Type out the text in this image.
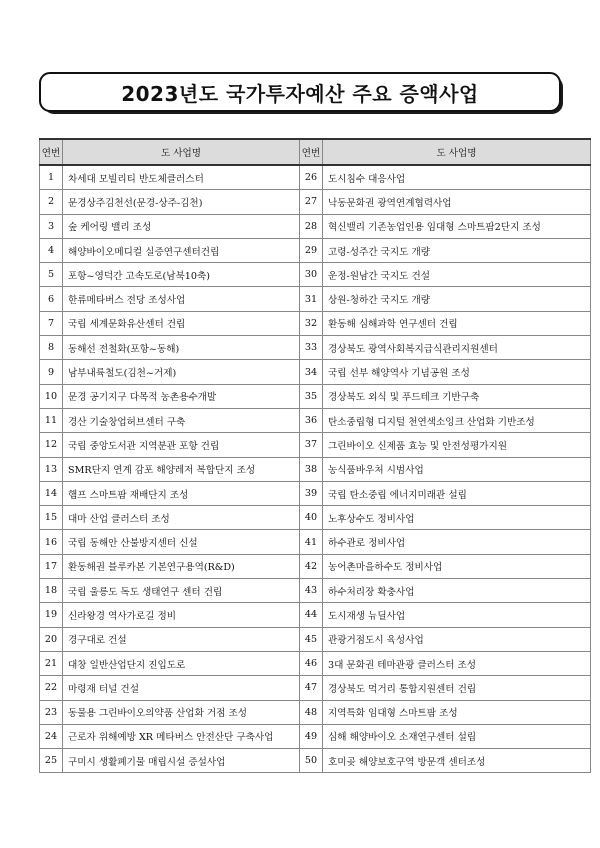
2023년도 국가투자예산 주요 증액사업
연번	도 사업명	연번	도 사업명
1	차세대 모빌리티 반도체클러스터	26	도시침수 대응사업
2	문경상주김천선(문경-상주-김천)	27	낙동문화권 광역연계협력사업
3	숲 케어링 밸리 조성	28	혁신밸리 기존농업인용 임대형 스마트팜2단지 조성
4	해양바이오메디컬 실증연구센터건립	29	고령-성주간 국지도 개량
5	포항~영덕간 고속도로(남북10축)	30	운정-원남간 국지도 건설
6	한류메타버스 전당 조성사업	31	상원-청하간 국지도 개량
7	국립 세계문화유산센터 건립	32	환동해 심해과학 연구센터 건립
8	동해선 전철화(포항~동해)	33	경상북도 광역사회복지급식관리지원센터
9	남부내륙철도(김천~거제)	34	국립 선부 해양역사 기념공원 조성
10	문경 공기지구 다목적 농촌용수개발	35	경상북도 외식 및 푸드테크 기반구축
11	경산 기술창업허브센터 구축	36	탄소중립형 디지털 천연색소잉크 산업화 기반조성
12	국립 중앙도서관 지역분관 포항 건립	37	그린바이오 신제품 효능 및 안전성평가지원
13	SMR단지 연계 감포 해양레저 복합단지 조성	38	농식품바우처 시범사업
14	햄프 스마트팜 재배단지 조성	39	국립 탄소중립 에너지미래관 설립
15	대마 산업 클러스터 조성	40	노후상수도 정비사업
16	국립 동해안 산불방지센터 신설	41	하수관로 정비사업
17	환동해권 블루카본 기본연구용역(R&D)	42	농어촌마을하수도 정비사업
18	국립 울릉도 독도 생태연구 센터 건립	43	하수처리장 확충사업
19	신라왕경 역사가로길 정비	44	도시재생 뉴딜사업
20	경구대로 건설	45	관광거점도시 육성사업
21	대창 일반산업단지 진입도로	46	3대 문화권 테마관광 클러스터 조성
22	마령재 터널 건설	47	경상북도 먹거리 통합지원센터 건립
23	동물용 그린바이오의약품 산업화 거점 조성	48	지역특화 임대형 스마트팜 조성
24	근로자 위해예방 XR 메타버스 안전산단 구축사업	49	심해 해양바이오 소재연구센터 설립
25	구미시 생활폐기물 매립시설 증설사업	50	호미곶 해양보호구역 방문객 센터조성
